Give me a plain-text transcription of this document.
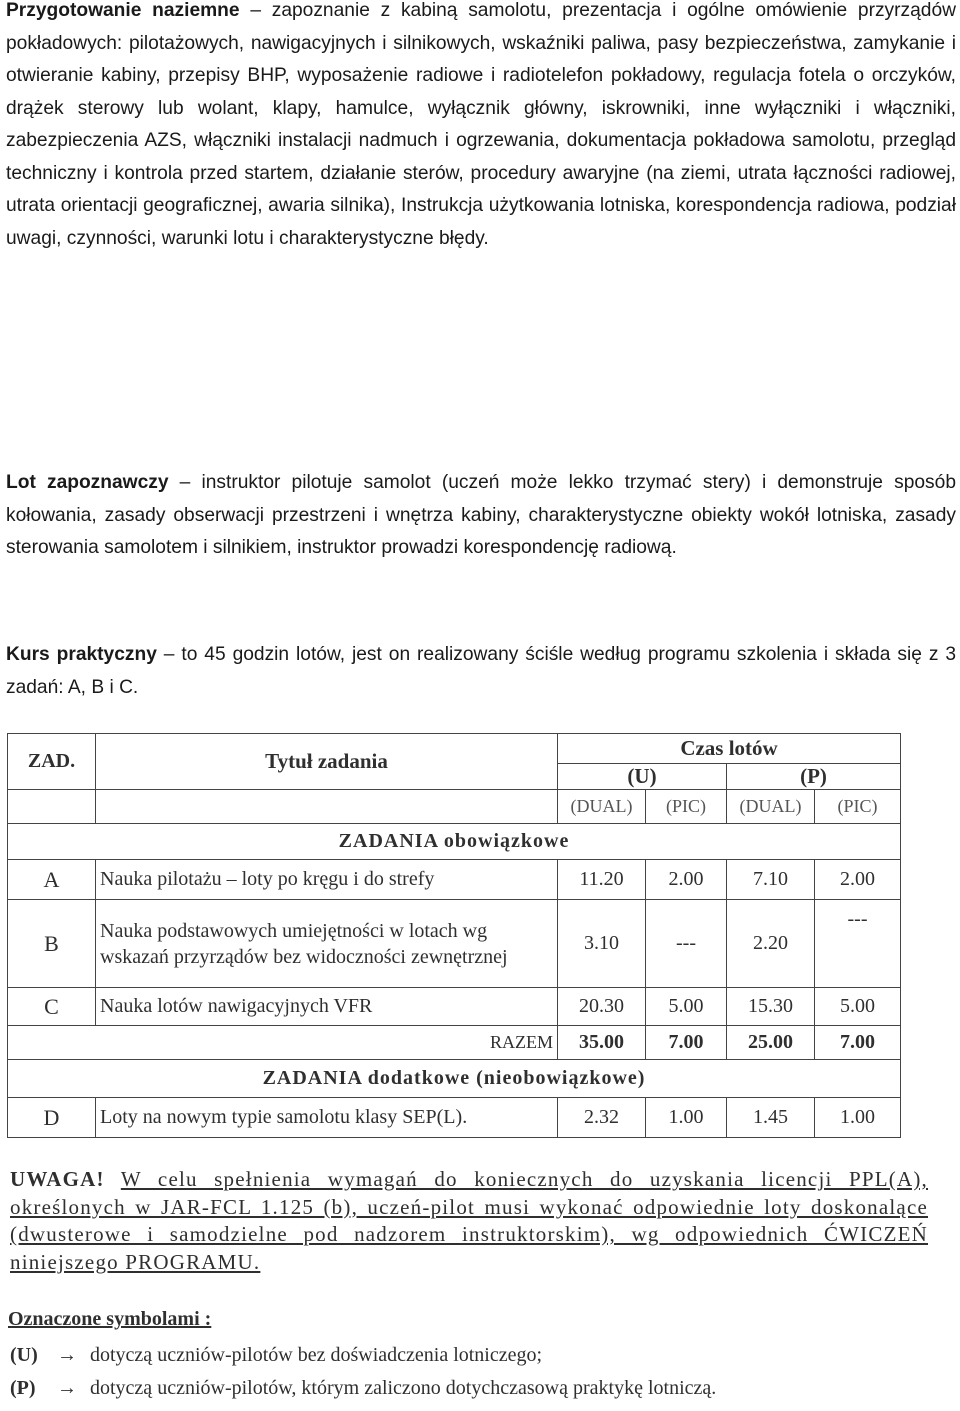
Przygotowanie naziemne – zapoznanie z kabiną samolotu, prezentacja i ogólne omówienie przyrządów pokładowych: pilotażowych, nawigacyjnych i silnikowych, wskaźniki paliwa, pasy bezpieczeństwa, zamykanie i otwieranie kabiny, przepisy BHP, wyposażenie radiowe i radiotelefon pokładowy, regulacja fotela o orczyków, drążek sterowy lub wolant, klapy, hamulce, wyłącznik główny, iskrowniki, inne wyłączniki i włączniki, zabezpieczenia AZS, włączniki instalacji nadmuch i ogrzewania, dokumentacja pokładowa samolotu, przegląd techniczny i kontrola przed startem, działanie sterów, procedury awaryjne (na ziemi, utrata łączności radiowej, utrata orientacji geograficznej, awaria silnika), Instrukcja użytkowania lotniska, korespondencja radiowa, podział uwagi, czynności, warunki lotu i charakterystyczne błędy.

Lot zapoznawczy – instruktor pilotuje samolot (uczeń może lekko trzymać stery) i demonstruje sposób kołowania, zasady obserwacji przestrzeni i wnętrza kabiny, charakterystyczne obiekty wokół lotniska, zasady sterowania samolotem i silnikiem, instruktor prowadzi korespondencję radiową.

Kurs praktyczny – to 45 godzin lotów, jest on realizowany ściśle według programu szkolenia i składa się z 3 zadań: A, B i C.

ZAD.	Tytuł zadania	Czas lotów			
		(U)		(P)	
		(DUAL)	(PIC)	(DUAL)	(PIC)
ZADANIA obowiązkowe					
A	Nauka pilotażu – loty po kręgu i do strefy	11.20	2.00	7.10	2.00
B	Nauka podstawowych umiejętności w lotach wg wskazań przyrządów bez widoczności zewnętrznej	3.10	---	2.20	---
C	Nauka lotów nawigacyjnych VFR	20.30	5.00	15.30	5.00
RAZEM		35.00	7.00	25.00	7.00
ZADANIA dodatkowe (nieobowiązkowe)					
D	Loty na nowym typie samolotu klasy SEP(L).	2.32	1.00	1.45	1.00
UWAGA! W celu spełnienia wymagań do koniecznych do uzyskania licencji PPL(A), określonych w JAR-FCL 1.125 (b), uczeń-pilot musi wykonać odpowiednie loty doskonalące (dwusterowe i samodzielne pod nadzorem instruktorskim), wg odpowiednich ĆWICZEŃ niniejszego PROGRAMU.
Oznaczone symbolami :
(U) → dotyczą uczniów-pilotów bez doświadczenia lotniczego;
(P)	→ dotyczą uczniów-pilotów, którym zaliczono dotychczasową praktykę lotniczą.
